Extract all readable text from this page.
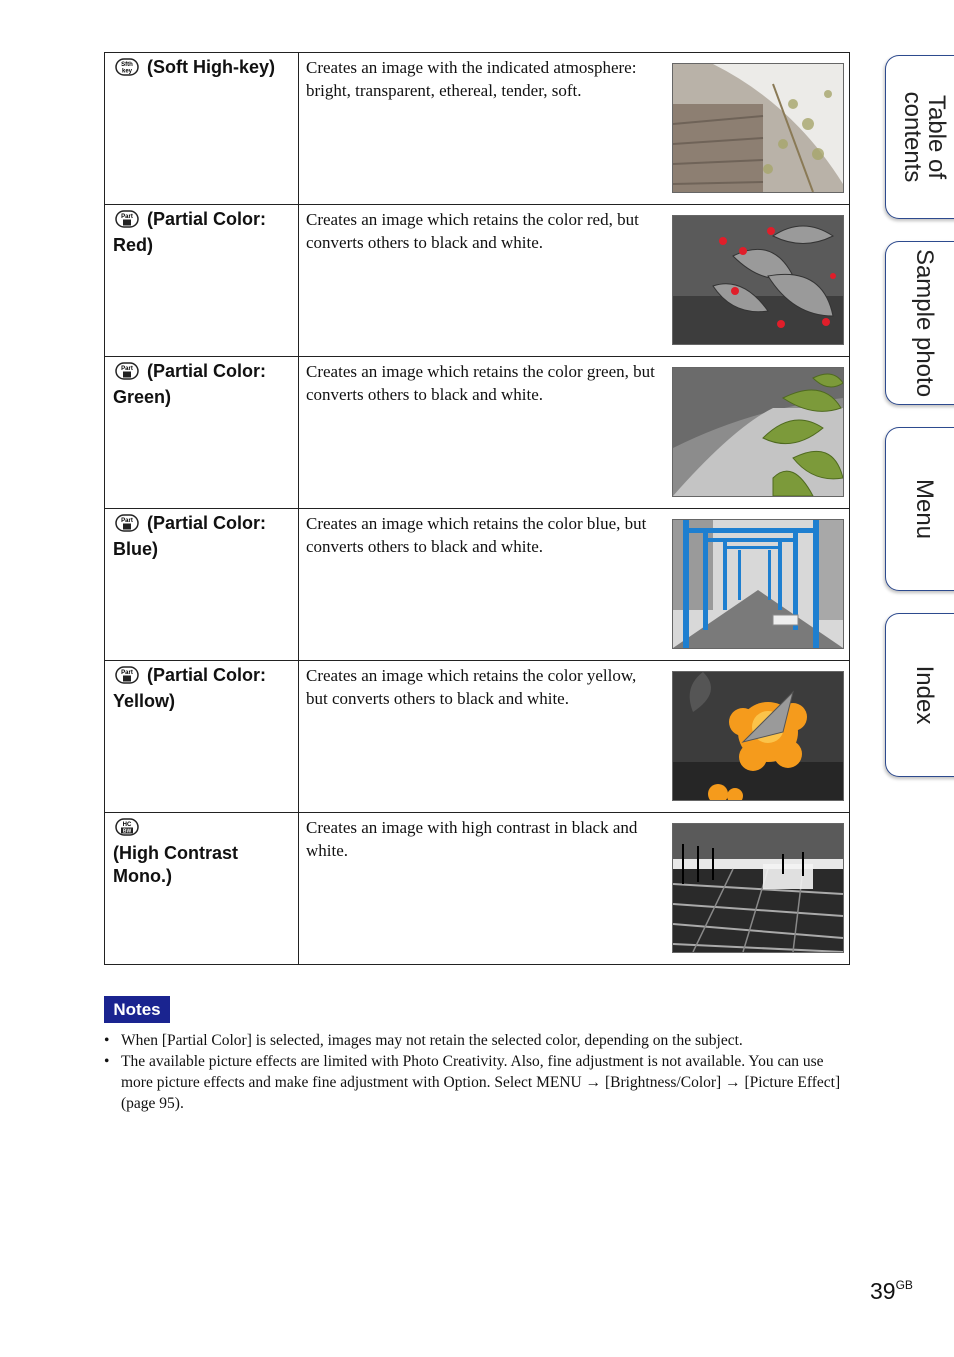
Sfth
key (Soft High-key)	Creates an image with the indicated atmosphere: bright, transparent, ethereal, tender, soft.

Part (Partial Color: Red)	Creates an image which retains the color red, but converts others to black and white.

Part (Partial Color: Green)	Creates an image which retains the color green, but converts others to black and white.

Part (Partial Color: Blue)	Creates an image which retains the color blue, but converts others to black and white.

Part (Partial Color: Yellow)	Creates an image which retains the color yellow, but converts others to black and white.

HC
BW

(High Contrast Mono.)	Creates an image with high contrast in black and white.
Notes
• When [Partial Color] is selected, images may not retain the selected color, depending on the subject.
• The available picture effects are limited with Photo Creativity. Also, fine adjustment is not available. You can use more picture effects and make fine adjustment with Option. Select MENU → [Brightness/Color] → [Picture Effect] (page 95).
Table of contents
Sample photo
Menu
Index
$39^{GB}$
